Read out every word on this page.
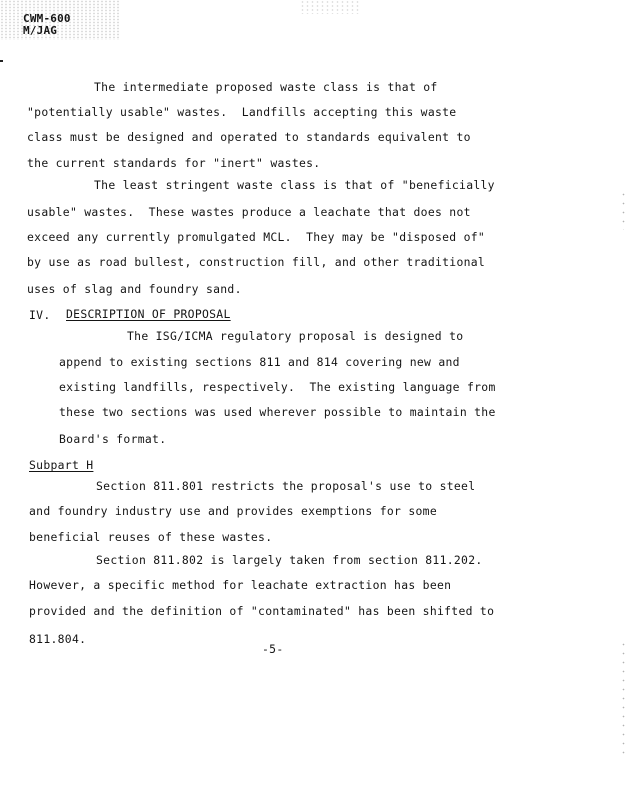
CWM-600
M/JAG
The intermediate proposed waste class is that of
"potentially usable" wastes.  Landfills accepting this waste
class must be designed and operated to standards equivalent to
the current standards for "inert" wastes.
The least stringent waste class is that of "beneficially
usable" wastes.  These wastes produce a leachate that does not
exceed any currently promulgated MCL.  They may be "disposed of"
by use as road bullest, construction fill, and other traditional
uses of slag and foundry sand.
IV. DESCRIPTION OF PROPOSAL
The ISG/ICMA regulatory proposal is designed to
append to existing sections 811 and 814 covering new and
existing landfills, respectively.  The existing language from
these two sections was used wherever possible to maintain the
Board's format.
Subpart H
Section 811.801 restricts the proposal's use to steel
and foundry industry use and provides exemptions for some
beneficial reuses of these wastes.
Section 811.802 is largely taken from section 811.202.
However, a specific method for leachate extraction has been
provided and the definition of "contaminated" has been shifted to
811.804.
-5-
